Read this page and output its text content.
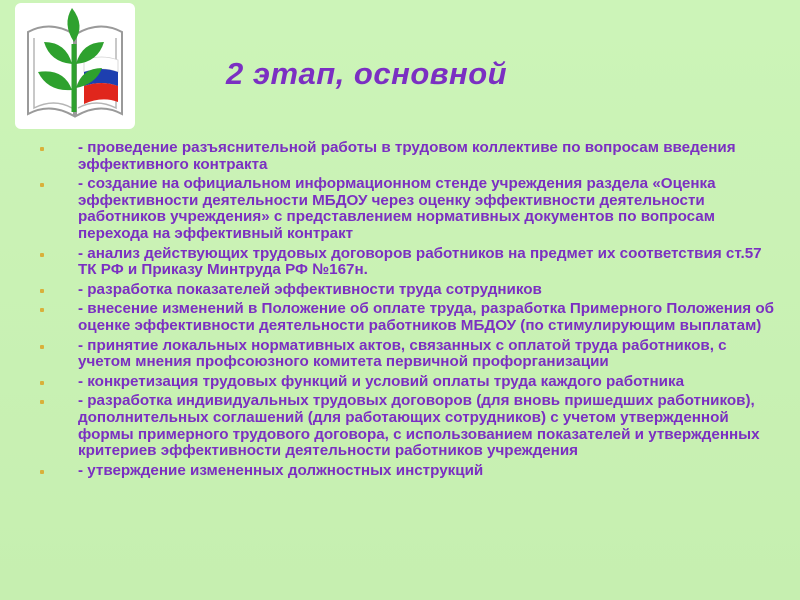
2 этап, основной
- проведение разъяснительной работы в трудовом коллективе по вопросам введения эффективного контракта
- создание на официальном информационном стенде учреждения раздела «Оценка эффективности деятельности МБДОУ через оценку эффективности деятельности работников учреждения» с представлением нормативных документов по вопросам перехода на эффективный контракт
- анализ действующих трудовых договоров работников на предмет их соответствия ст.57 ТК РФ и Приказу Минтруда РФ №167н.
- разработка показателей эффективности труда сотрудников
- внесение изменений в Положение об оплате труда, разработка Примерного Положения об оценке эффективности деятельности работников МБДОУ (по стимулирующим выплатам)
- принятие локальных нормативных актов, связанных с оплатой труда работников, с учетом мнения профсоюзного комитета первичной профорганизации
- конкретизация трудовых функций и условий оплаты труда каждого работника
- разработка индивидуальных трудовых договоров (для вновь пришедших работников), дополнительных соглашений (для работающих сотрудников) с учетом утвержденной формы примерного трудового договора, с использованием показателей и утвержденных критериев эффективности деятельности работников учреждения
- утверждение измененных должностных инструкций
